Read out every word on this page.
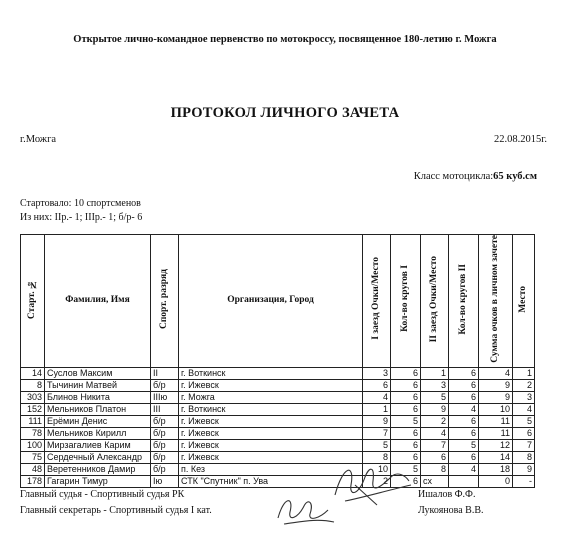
Открытое лично-командное первенство по мотокроссу, посвященное 180-летию г. Можга
ПРОТОКОЛ ЛИЧНОГО ЗАЧЕТА
г.Можга	22.08.2015г.
Класс мотоцикла:65 куб.см
Стартовало: 10 спортсменов
Из них: IIр.- 1; IIIр.- 1; б/р- 6
Старт. №	Фамилия, Имя	Спорт. разряд	Организация, Город	I заезд Очки/Место	Кол-во кругов I	II заезд Очки/Место	Кол-во кругов II	Сумма очков в личном зачете	Место
14	Суслов Максим	II	г. Воткинск	3	6	1	6	4	1
8	Тычинин Матвей	б/р	г. Ижевск	6	6	3	6	9	2
303	Блинов Никита	IIIю	г. Можга	4	6	5	6	9	3
152	Мельников Платон	III	г. Воткинск	1	6	9	4	10	4
111	Ерёмин Денис	б/р	г. Ижевск	9	5	2	6	11	5
78	Мельников Кирилл	б/р	г. Ижевск	7	6	4	6	11	6
100	Мирзагалиев Карим	б/р	г. Ижевск	5	6	7	5	12	7
75	Сердечный Александр	б/р	г. Ижевск	8	6	6	6	14	8
48	Веретенников Дамир	б/р	п. Кез	10	5	8	4	18	9
178	Гагарин Тимур	Iю	СТК "Спутник" п. Ува	2	6	сх		0	-
Главный судья - Спортивный судья РК
Главный секретарь - Спортивный судья I кат.
Ишалов Ф.Ф.
Лукоянова В.В.
